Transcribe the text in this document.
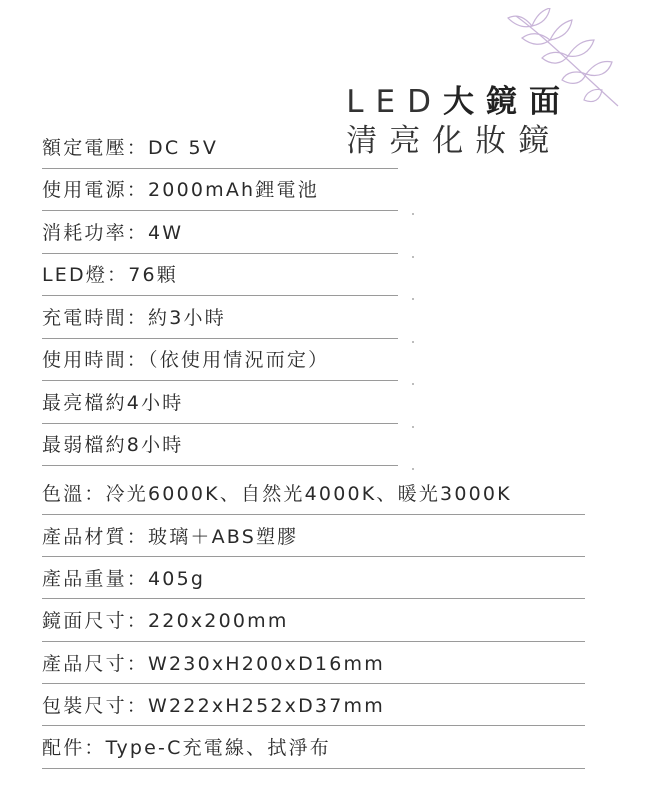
LED大鏡面
清亮化妝鏡
額定電壓：DC 5V
使用電源：2000mAh鋰電池
消耗功率：4W
LED燈：76顆
充電時間：約3小時
使用時間：（依使用情況而定）
最亮檔約4小時
最弱檔約8小時
色溫：冷光6000K、自然光4000K、暖光3000K
產品材質：玻璃＋ABS塑膠
產品重量：405g
鏡面尺寸：220x200mm
產品尺寸：W230xH200xD16mm
包裝尺寸：W222xH252xD37mm
配件：Type-C充電線、拭淨布
